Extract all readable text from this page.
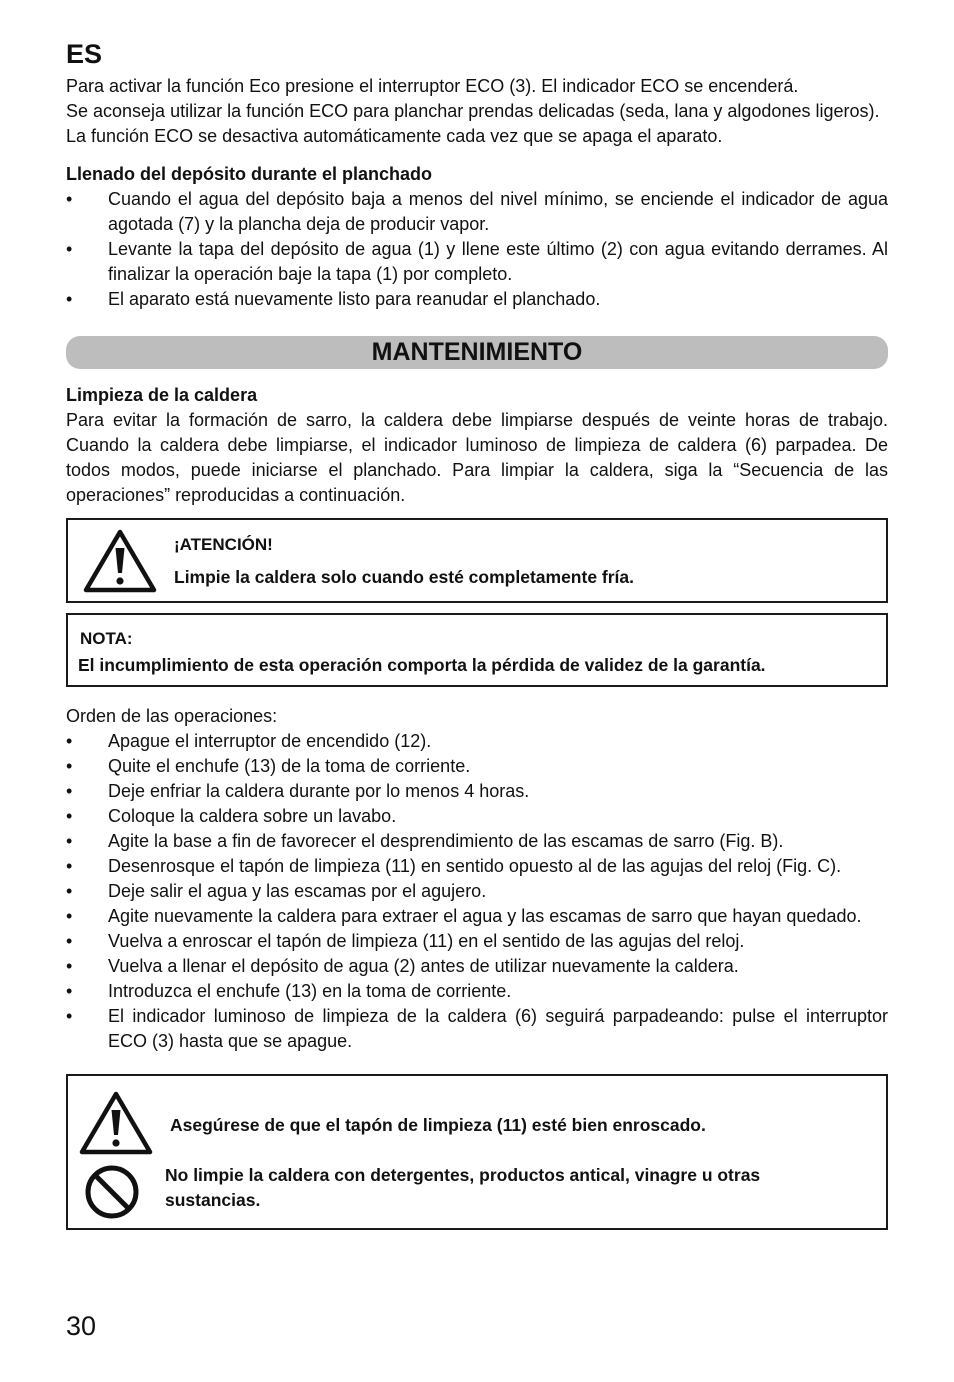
ES

Para activar la función Eco presione el interruptor ECO (3). El indicador ECO se encenderá.

Se aconseja utilizar la función ECO para planchar prendas delicadas (seda, lana y algodones ligeros).

La función ECO se desactiva automáticamente cada vez que se apaga el aparato.

Llenado del depósito durante el planchado
• Cuando el agua del depósito baja a menos del nivel mínimo, se enciende el indicador de agua agotada (7) y la plancha deja de producir vapor.
• Levante la tapa del depósito de agua (1) y llene este último (2) con agua evitando derrames. Al finalizar la operación baje la tapa (1) por completo.
• El aparato está nuevamente listo para reanudar el planchado.
MANTENIMIENTO
Limpieza de la caldera

Para evitar la formación de sarro, la caldera debe limpiarse después de veinte horas de trabajo. Cuando la caldera debe limpiarse, el indicador luminoso de limpieza de caldera (6) parpadea. De todos modos, puede iniciarse el planchado. Para limpiar la caldera, siga la “Secuencia de las operaciones” reproducidas a continuación.

¡ATENCIÓN!
Limpie la caldera solo cuando esté completamente fría.
NOTA:
El incumplimiento de esta operación comporta la pérdida de validez de la garantía.

Orden de las operaciones:

• Apague el interruptor de encendido (12).
• Quite el enchufe (13) de la toma de corriente.
• Deje enfriar la caldera durante por lo menos 4 horas.
• Coloque la caldera sobre un lavabo.
• Agite la base a fin de favorecer el desprendimiento de las escamas de sarro (Fig. B).
• Desenrosque el tapón de limpieza (11) en sentido opuesto al de las agujas del reloj (Fig. C).
• Deje salir el agua y las escamas por el agujero.
• Agite nuevamente la caldera para extraer el agua y las escamas de sarro que hayan quedado.
• Vuelva a enroscar el tapón de limpieza (11) en el sentido de las agujas del reloj.
• Vuelva a llenar el depósito de agua (2) antes de utilizar nuevamente la caldera.
• Introduzca el enchufe (13) en la toma de corriente.
• El indicador luminoso de limpieza de la caldera (6) seguirá parpadeando: pulse el interruptor ECO (3) hasta que se apague.
Asegúrese de que el tapón de limpieza (11) esté bien enroscado.
No limpie la caldera con detergentes, productos antical, vinagre u otras sustancias.
30
